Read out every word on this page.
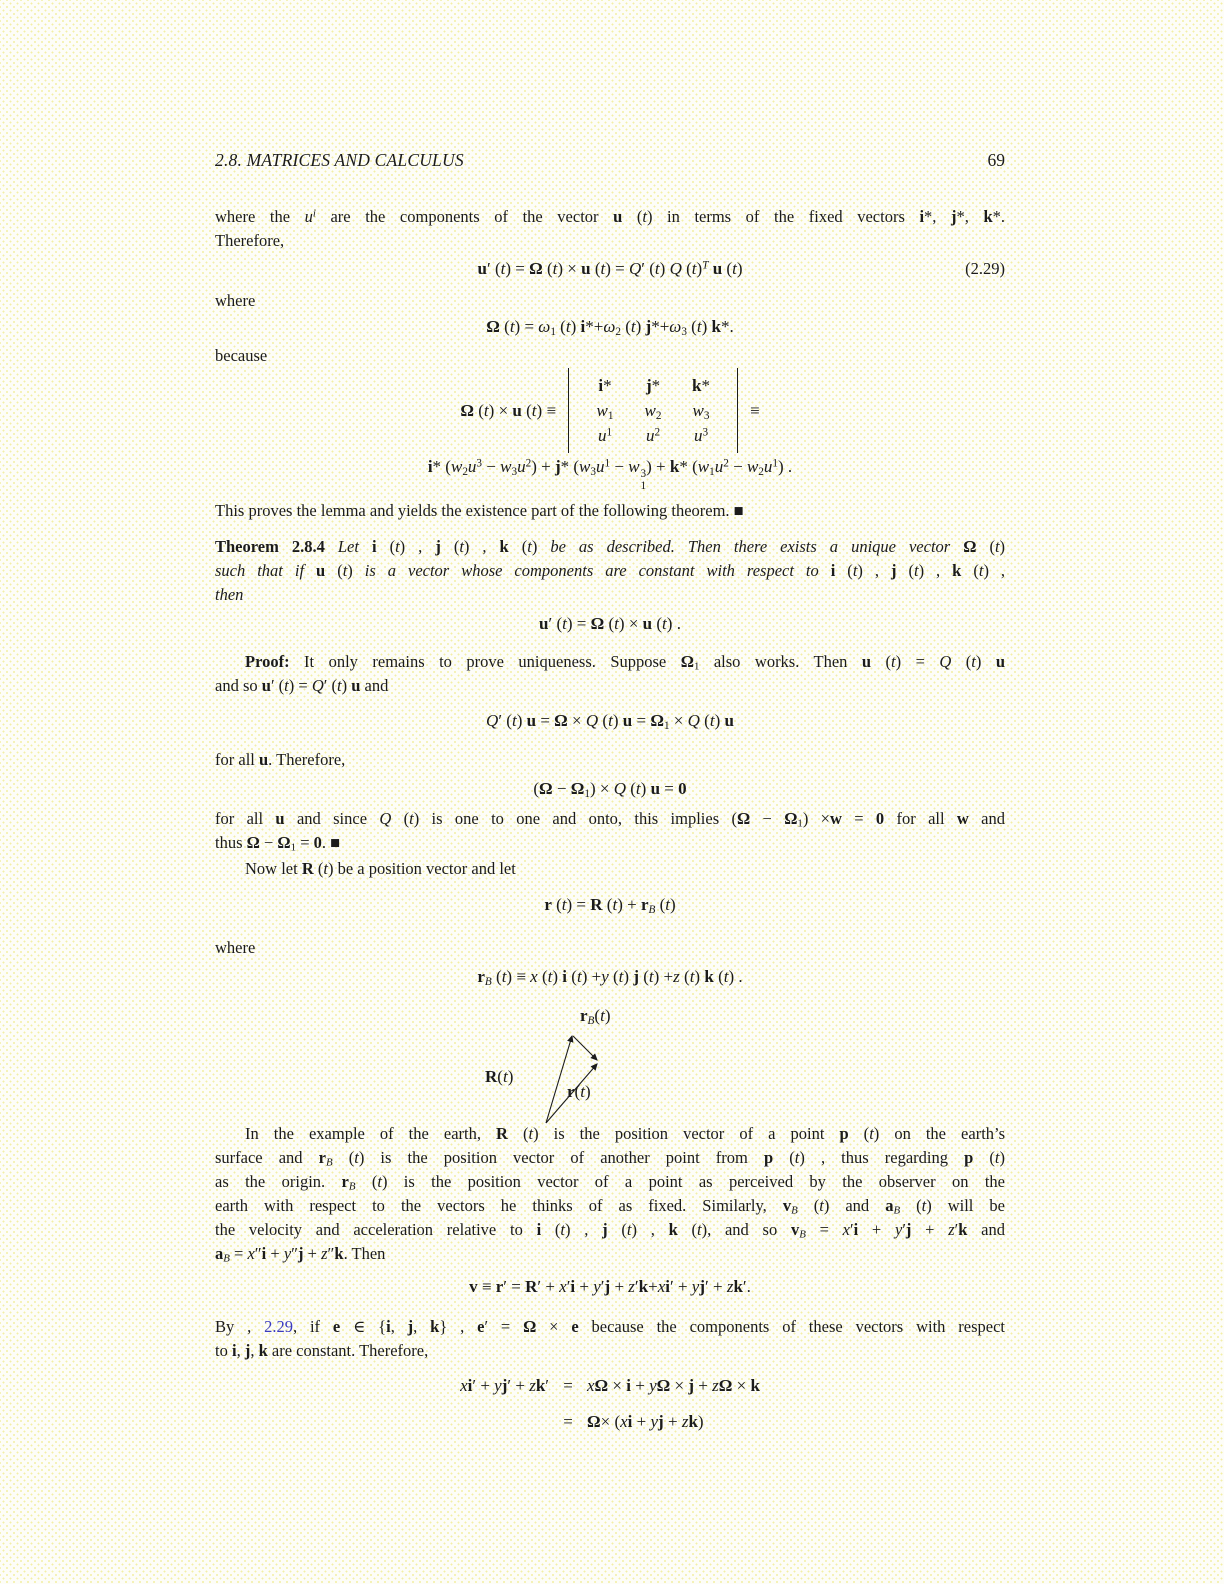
2.8. MATRICES AND CALCULUS	69
where the $u^i$ are the components of the vector u (t) in terms of the fixed vectors i*, j*, k*.
Therefore,
u′ (t) = Ω (t) × u (t) = Q′ (t) Q $(t)^T$ u (t)	(2.29)
where
Ω $(t) = \omega_1$ (t) $i*+\omega_2$ (t) $j*+\omega_3$ (t) k*.
because
Ω (t) × u (t) ≡
i*	j*	k*
$w_1$	$w_2$	$w_3$
$u^1$	$u^2$	$u^3$
≡
i* $(w_2u^3 - w_3u^2) + j*$ ($w_3u^1 - w$ 3
1
) + k* $(w_1u^2 - w_2u^1)$ .
This proves the lemma and yields the existence part of the following theorem. ■
Theorem 2.8.4 Let i (t) , j (t) , k (t) be as described. Then there exists a unique vector Ω (t)
such that if u (t) is a vector whose components are constant with respect to i (t) , j (t) , k (t) ,
then
u′ (t) = Ω (t) × u (t) .
Proof: It only remains to prove uniqueness. Suppose $\Omega_1$ also works. Then u (t) = Q (t) u
and so u′ (t) = Q′ (t) u and
Q′ (t) u = Ω × Q (t) $u = \Omega_1 \times Q$ (t) u
for all u. Therefore,
$(\Omega - \Omega_1) \times Q$ (t) u = 0
for all u and since Q (t) is one to one and onto, this implies $(\Omega - \Omega_1) \times w = 0$ for all w and
thus $\Omega - \Omega_1 = 0$. ■
Now let R (t) be a position vector and let
r (t) = R $(t) + r_B$ (t)
where
$r_B$ (t) ≡ x (t) i (t) +y (t) j (t) +z (t) k (t) .
$r_B(t)$
R(t)
r(t)
In the example of the earth, R (t) is the position vector of a point p (t) on the earth’s
surface and $r_B$ (t) is the position vector of another point from p (t) , thus regarding p (t)
as the origin. $r_B$ (t) is the position vector of a point as perceived by the observer on the
earth with respect to the vectors he thinks of as fixed. Similarly, $v_B$ (t) and $a_B$ (t) will be
the velocity and acceleration relative to i (t) , j (t) , k (t), and so $v_B = x'i + y'j + z'k$ and
$a_B = x''i + y''j + z''k$. Then
v ≡ r′ = R′ + x′i + y′j + z′k+xi′ + yj′ + zk′.
By , 2.29, if e ∈ {i, j, k} , e′ = Ω × e because the components of these vectors with respect
to i, j, k are constant. Therefore,
xi′ + yj′ + zk′ = xΩ × i + yΩ × j + zΩ × k
= Ω× (xi + yj + zk)
